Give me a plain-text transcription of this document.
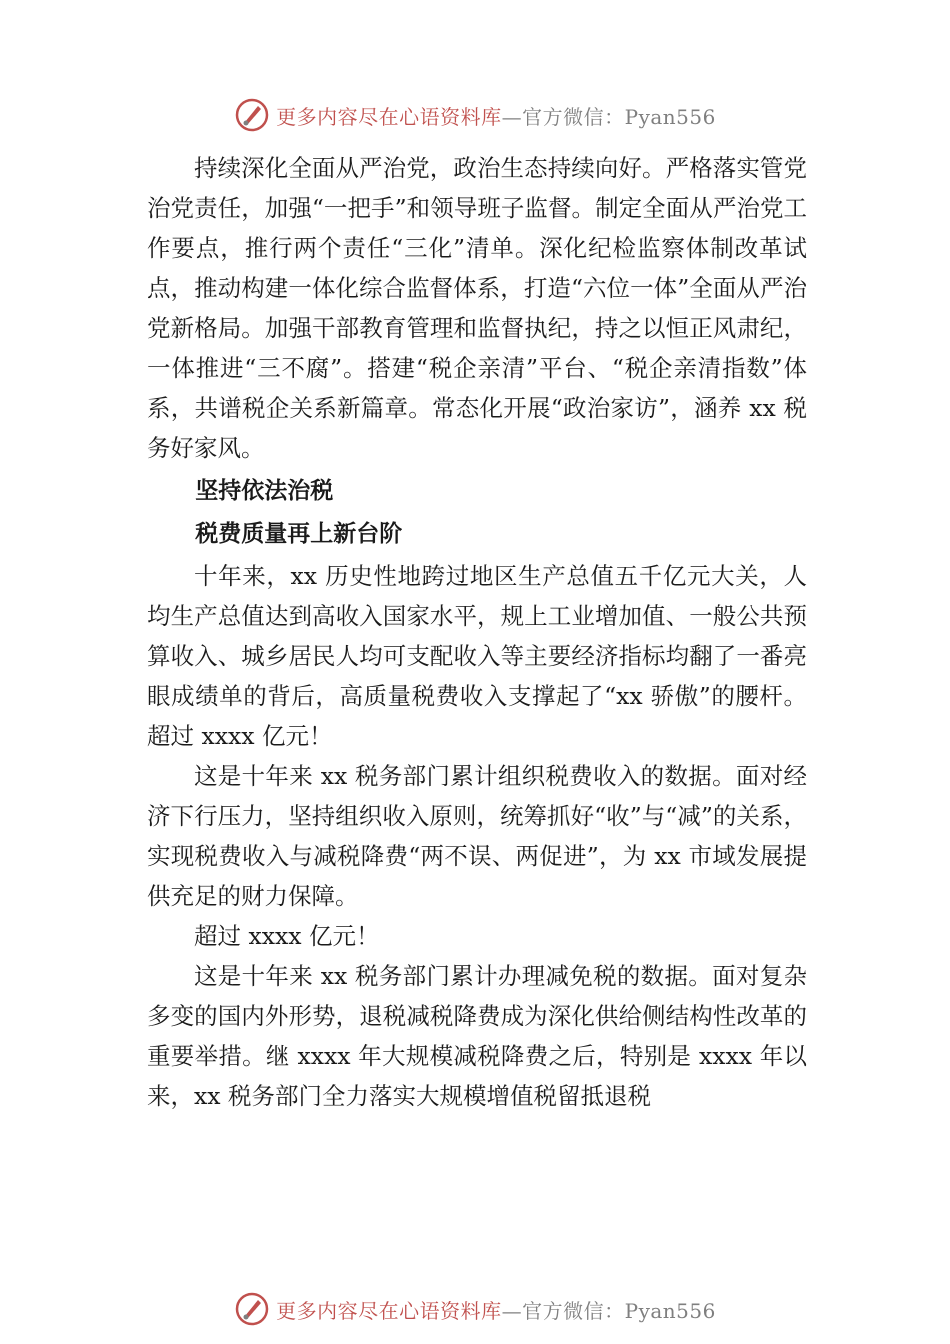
更多内容尽在心语资料库—官方微信：Pyan556

持续深化全面从严治党，政治生态持续向好。严格落实管党治党责任，加强“一把手”和领导班子监督。制定全面从严治党工作要点，推行两个责任“三化”清单。深化纪检监察体制改革试点，推动构建一体化综合监督体系，打造“六位一体”全面从严治党新格局。加强干部教育管理和监督执纪，持之以恒正风肃纪，一体推进“三不腐”。搭建“税企亲清”平台、“税企亲清指数”体系，共谱税企关系新篇章。常态化开展“政治家访”，涵养 xx 税务好家风。

坚持依法治税

税费质量再上新台阶

十年来，xx 历史性地跨过地区生产总值五千亿元大关，人均生产总值达到高收入国家水平，规上工业增加值、一般公共预算收入、城乡居民人均可支配收入等主要经济指标均翻了一番亮眼成绩单的背后，高质量税费收入支撑起了“xx 骄傲”的腰杆。超过 xxxx 亿元！

这是十年来 xx 税务部门累计组织税费收入的数据。面对经济下行压力，坚持组织收入原则，统筹抓好“收”与“减”的关系，实现税费收入与减税降费“两不误、两促进”，为 xx 市域发展提供充足的财力保障。

超过 xxxx 亿元！

这是十年来 xx 税务部门累计办理减免税的数据。面对复杂多变的国内外形势，退税减税降费成为深化供给侧结构性改革的重要举措。继 xxxx 年大规模减税降费之后，特别是 xxxx 年以来，xx 税务部门全力落实大规模增值税留抵退税

更多内容尽在心语资料库—官方微信：Pyan556
